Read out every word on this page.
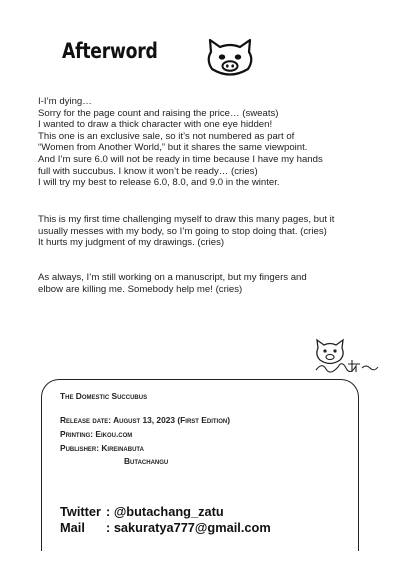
Afterword
I-I’m dying…
Sorry for the page count and raising the price… (sweats)
I wanted to draw a thick character with one eye hidden!
This one is an exclusive sale, so it’s not numbered as part of
“Women from Another World,” but it shares the same viewpoint.
And I’m sure 6.0 will not be ready in time because I have my hands
full with succubus. I know it won’t be ready… (cries)
I will try my best to release 6.0, 8.0, and 9.0 in the winter.
This is my first time challenging myself to draw this many pages, but it
usually messes with my body, so I’m going to stop doing that. (cries)
It hurts my judgment of my drawings. (cries)
As always, I’m still working on a manuscript, but my fingers and
elbow are killing me. Somebody help me! (cries)
The Domestic Succubus
Release date: August 13, 2023 (First Edition)
Printing: Eikou.com
Publisher: Kireinabuta
Butachangu
Twitter : @butachang_zatu
Mail : sakuratya777@gmail.com
